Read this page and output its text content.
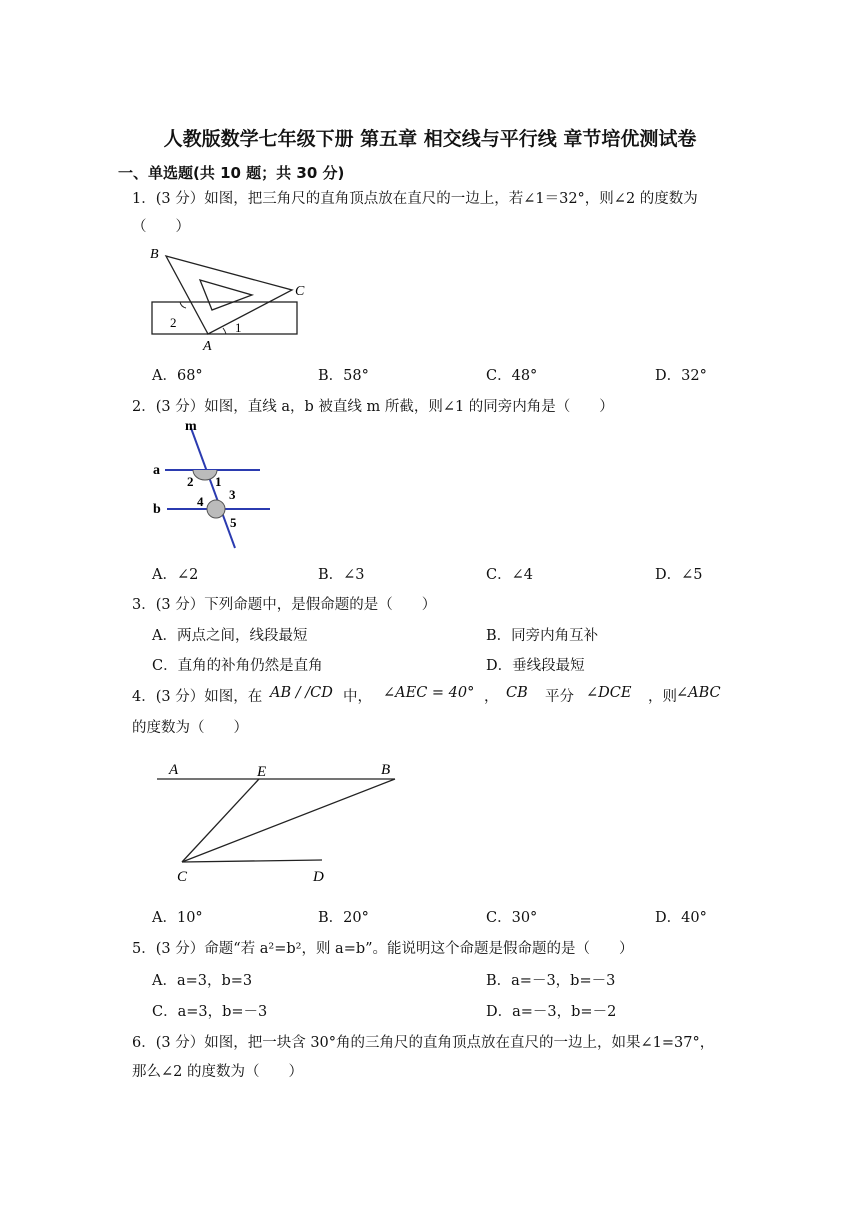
人教版数学七年级下册 第五章 相交线与平行线 章节培优测试卷
一、单选题(共 10 题；共 30 分)
1．(3 分）如图，把三角尺的直角顶点放在直尺的一边上，若∠1＝32°，则∠2 的度数为
（　　）
B
C
A
1
2
A．68°	B．58°	C．48°	D．32°
2．(3 分）如图，直线 a，b 被直线 m 所截，则∠1 的同旁内角是（　　）
m
a
b
1
2
4 3
5
A．∠2	B．∠3	C．∠4	D．∠5
3．(3 分）下列命题中，是假命题的是（　　）
A．两点之间，线段最短	B．同旁内角互补
C．直角的补角仍然是直角	D．垂线段最短
4．(3 分）如图，在 AB / /CD 中， ∠AEC = 40° ， CB 平分 ∠DCE ，则 ∠ABC
的度数为（　　）
A	E	B
C	D
A．10°	B．20°	C．30°	D．40°
5．(3 分）命题“若 a²=b²，则 a=b”。能说明这个命题是假命题的是（　　）
A．a=3，b=3	B．a=－3，b=－3
C．a=3，b=－3	D．a=－3，b=－2
6．(3 分）如图，把一块含 30°角的三角尺的直角顶点放在直尺的一边上，如果∠1=37°，
那么∠2 的度数为（　　）
